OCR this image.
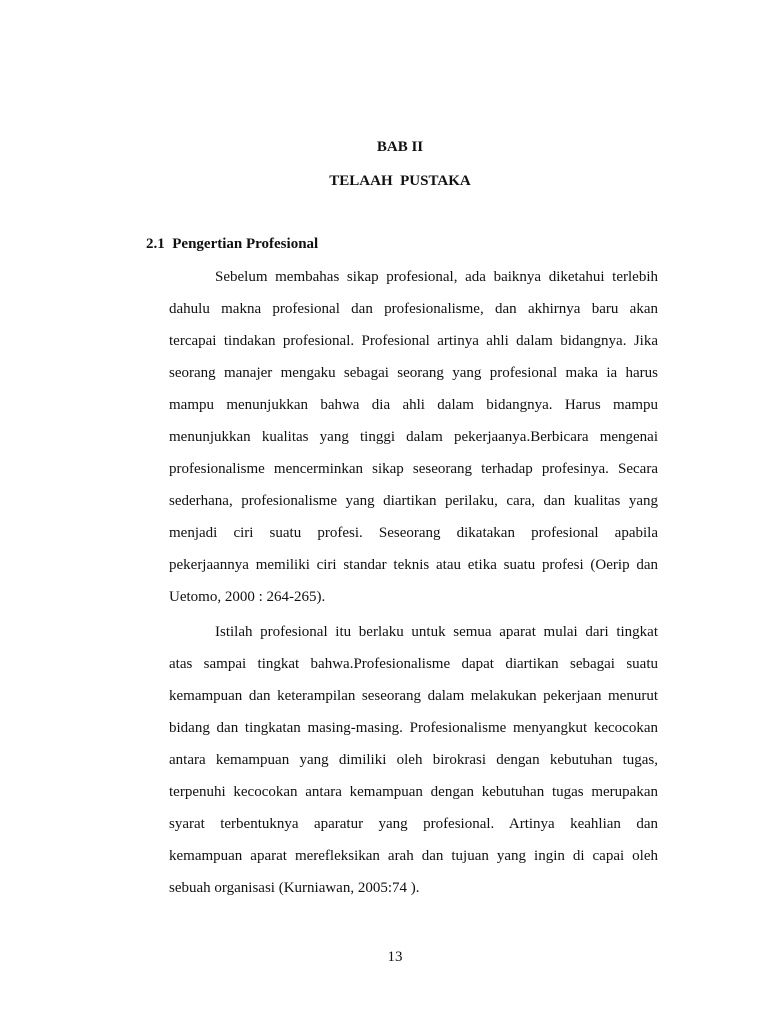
BAB II
TELAAH  PUSTAKA
2.1  Pengertian Profesional
Sebelum membahas sikap profesional, ada baiknya diketahui terlebih
dahulu makna profesional dan profesionalisme, dan akhirnya baru akan
tercapai tindakan profesional. Profesional artinya ahli dalam bidangnya. Jika
seorang manajer mengaku sebagai seorang yang profesional maka ia harus
mampu menunjukkan bahwa dia ahli dalam bidangnya. Harus mampu
menunjukkan kualitas yang tinggi dalam pekerjaanya.Berbicara mengenai
profesionalisme mencerminkan sikap seseorang terhadap profesinya. Secara
sederhana, profesionalisme yang diartikan perilaku, cara, dan kualitas yang
menjadi ciri suatu profesi. Seseorang dikatakan profesional apabila
pekerjaannya memiliki ciri standar teknis atau etika suatu profesi (Oerip dan
Uetomo, 2000 : 264-265).
Istilah profesional itu berlaku untuk semua aparat mulai dari tingkat
atas sampai tingkat bahwa.Profesionalisme dapat diartikan sebagai suatu
kemampuan dan keterampilan seseorang dalam melakukan pekerjaan menurut
bidang dan tingkatan masing-masing. Profesionalisme menyangkut kecocokan
antara kemampuan yang dimiliki oleh birokrasi dengan kebutuhan tugas,
terpenuhi kecocokan antara kemampuan dengan kebutuhan tugas merupakan
syarat terbentuknya aparatur yang profesional. Artinya keahlian dan
kemampuan aparat merefleksikan arah dan tujuan yang ingin di capai oleh
sebuah organisasi (Kurniawan, 2005:74 ).
13
